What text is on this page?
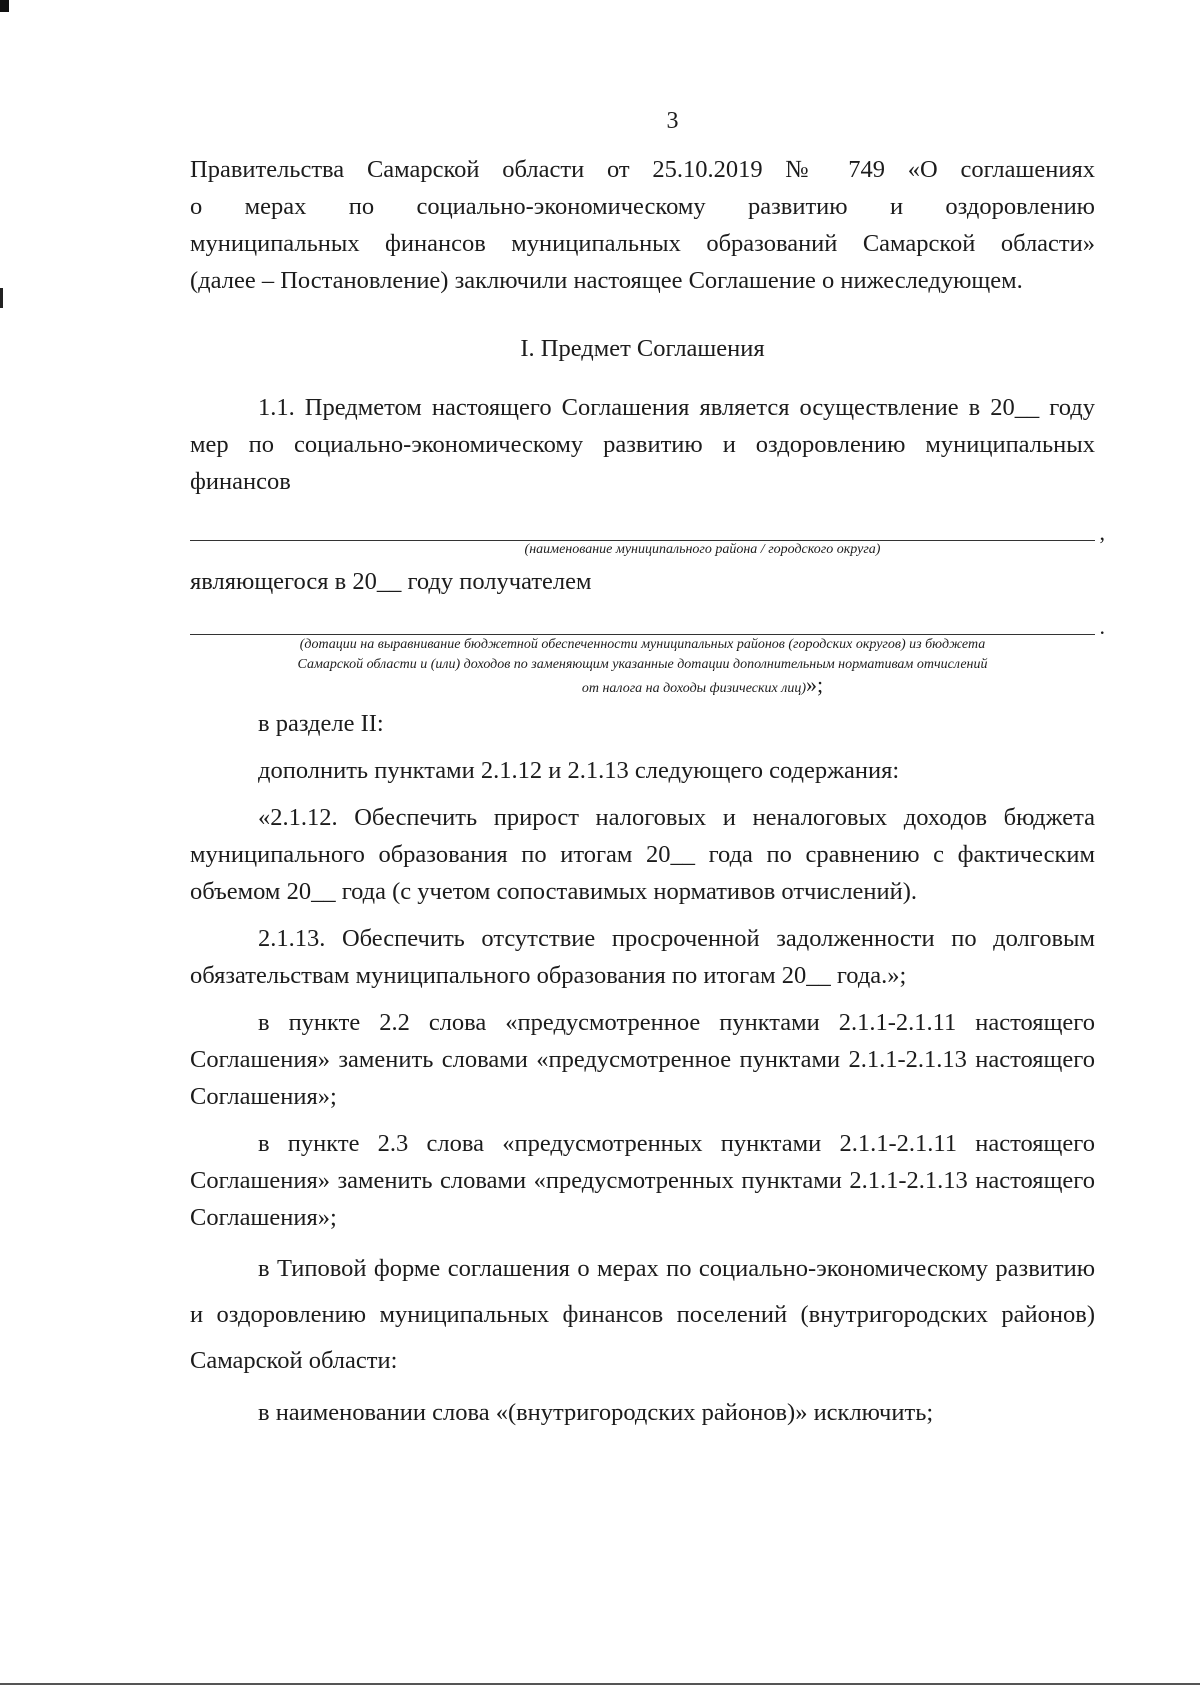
3

Правительства Самарской области от 25.10.2019 № 749 «О соглашениях

о мерах по социально-экономическому развитию и оздоровлению

муниципальных финансов муниципальных образований Самарской области»

(далее – Постановление) заключили настоящее Соглашение о нижеследующем.

I. Предмет Соглашения

1.1. Предметом настоящего Соглашения является осуществление в 20__ году мер по социально-экономическому развитию и оздоровлению муниципальных финансов

,
(наименование муниципального района / городского округа)

являющегося в 20__ году получателем

.
(дотации на выравнивание бюджетной обеспеченности муниципальных районов (городских округов) из бюджета
Самарской области и (или) доходов по заменяющим указанные дотации дополнительным нормативам отчислений
от налога на доходы физических лиц)»;

в разделе II:

дополнить пунктами 2.1.12 и 2.1.13 следующего содержания:

«2.1.12. Обеспечить прирост налоговых и неналоговых доходов бюджета муниципального образования по итогам 20__ года по сравнению с фактическим объемом 20__ года (с учетом сопоставимых нормативов отчислений).

2.1.13. Обеспечить отсутствие просроченной задолженности по долговым обязательствам муниципального образования по итогам 20__ года.»;

в пункте 2.2 слова «предусмотренное пунктами 2.1.1-2.1.11 настоящего Соглашения» заменить словами «предусмотренное пунктами 2.1.1-2.1.13 настоящего Соглашения»;

в пункте 2.3 слова «предусмотренных пунктами 2.1.1-2.1.11 настоящего Соглашения» заменить словами «предусмотренных пунктами 2.1.1-2.1.13 настоящего Соглашения»;

в Типовой форме соглашения о мерах по социально-экономическому развитию и оздоровлению муниципальных финансов поселений (внутригородских районов) Самарской области:

в наименовании слова «(внутригородских районов)» исключить;
